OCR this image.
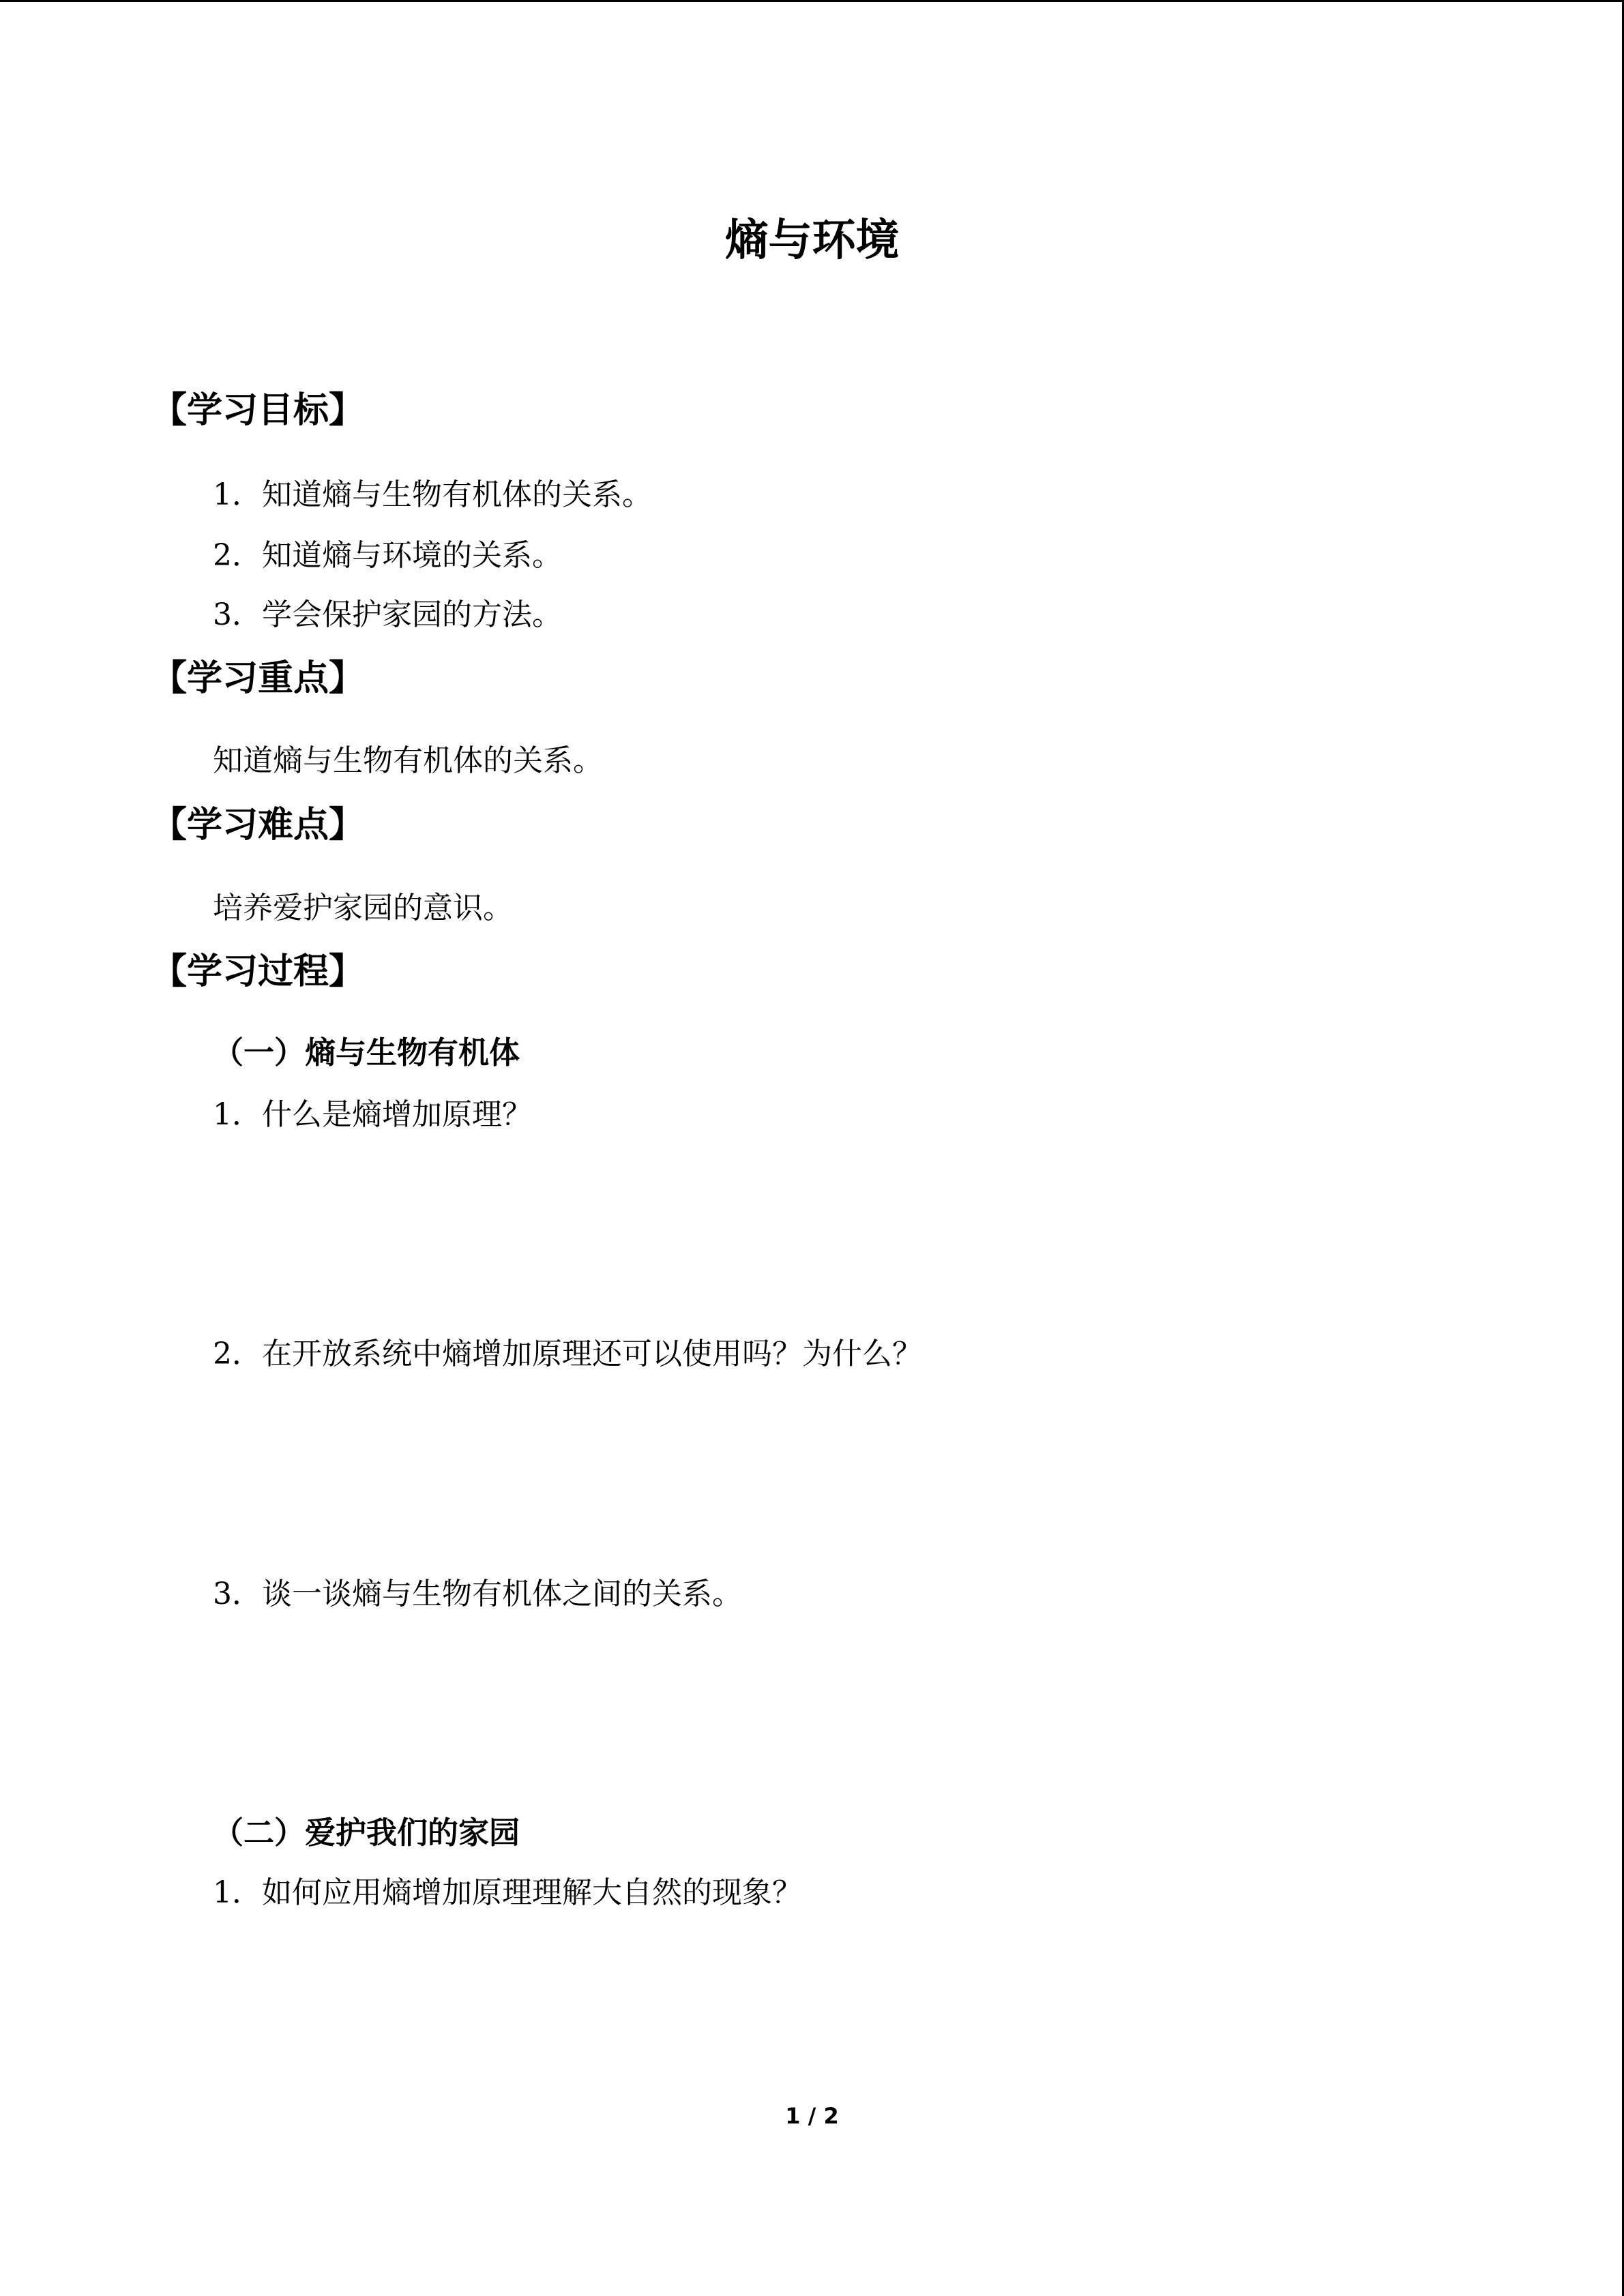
熵与环境
【学习目标】

1．知道熵与生物有机体的关系。

2．知道熵与环境的关系。

3．学会保护家园的方法。

【学习重点】

知道熵与生物有机体的关系。

【学习难点】

培养爱护家园的意识。

【学习过程】
（一）熵与生物有机体

1．什么是熵增加原理？

2．在开放系统中熵增加原理还可以使用吗？为什么？

3．谈一谈熵与生物有机体之间的关系。

（二）爱护我们的家园

1．如何应用熵增加原理理解大自然的现象？

1 / 2
